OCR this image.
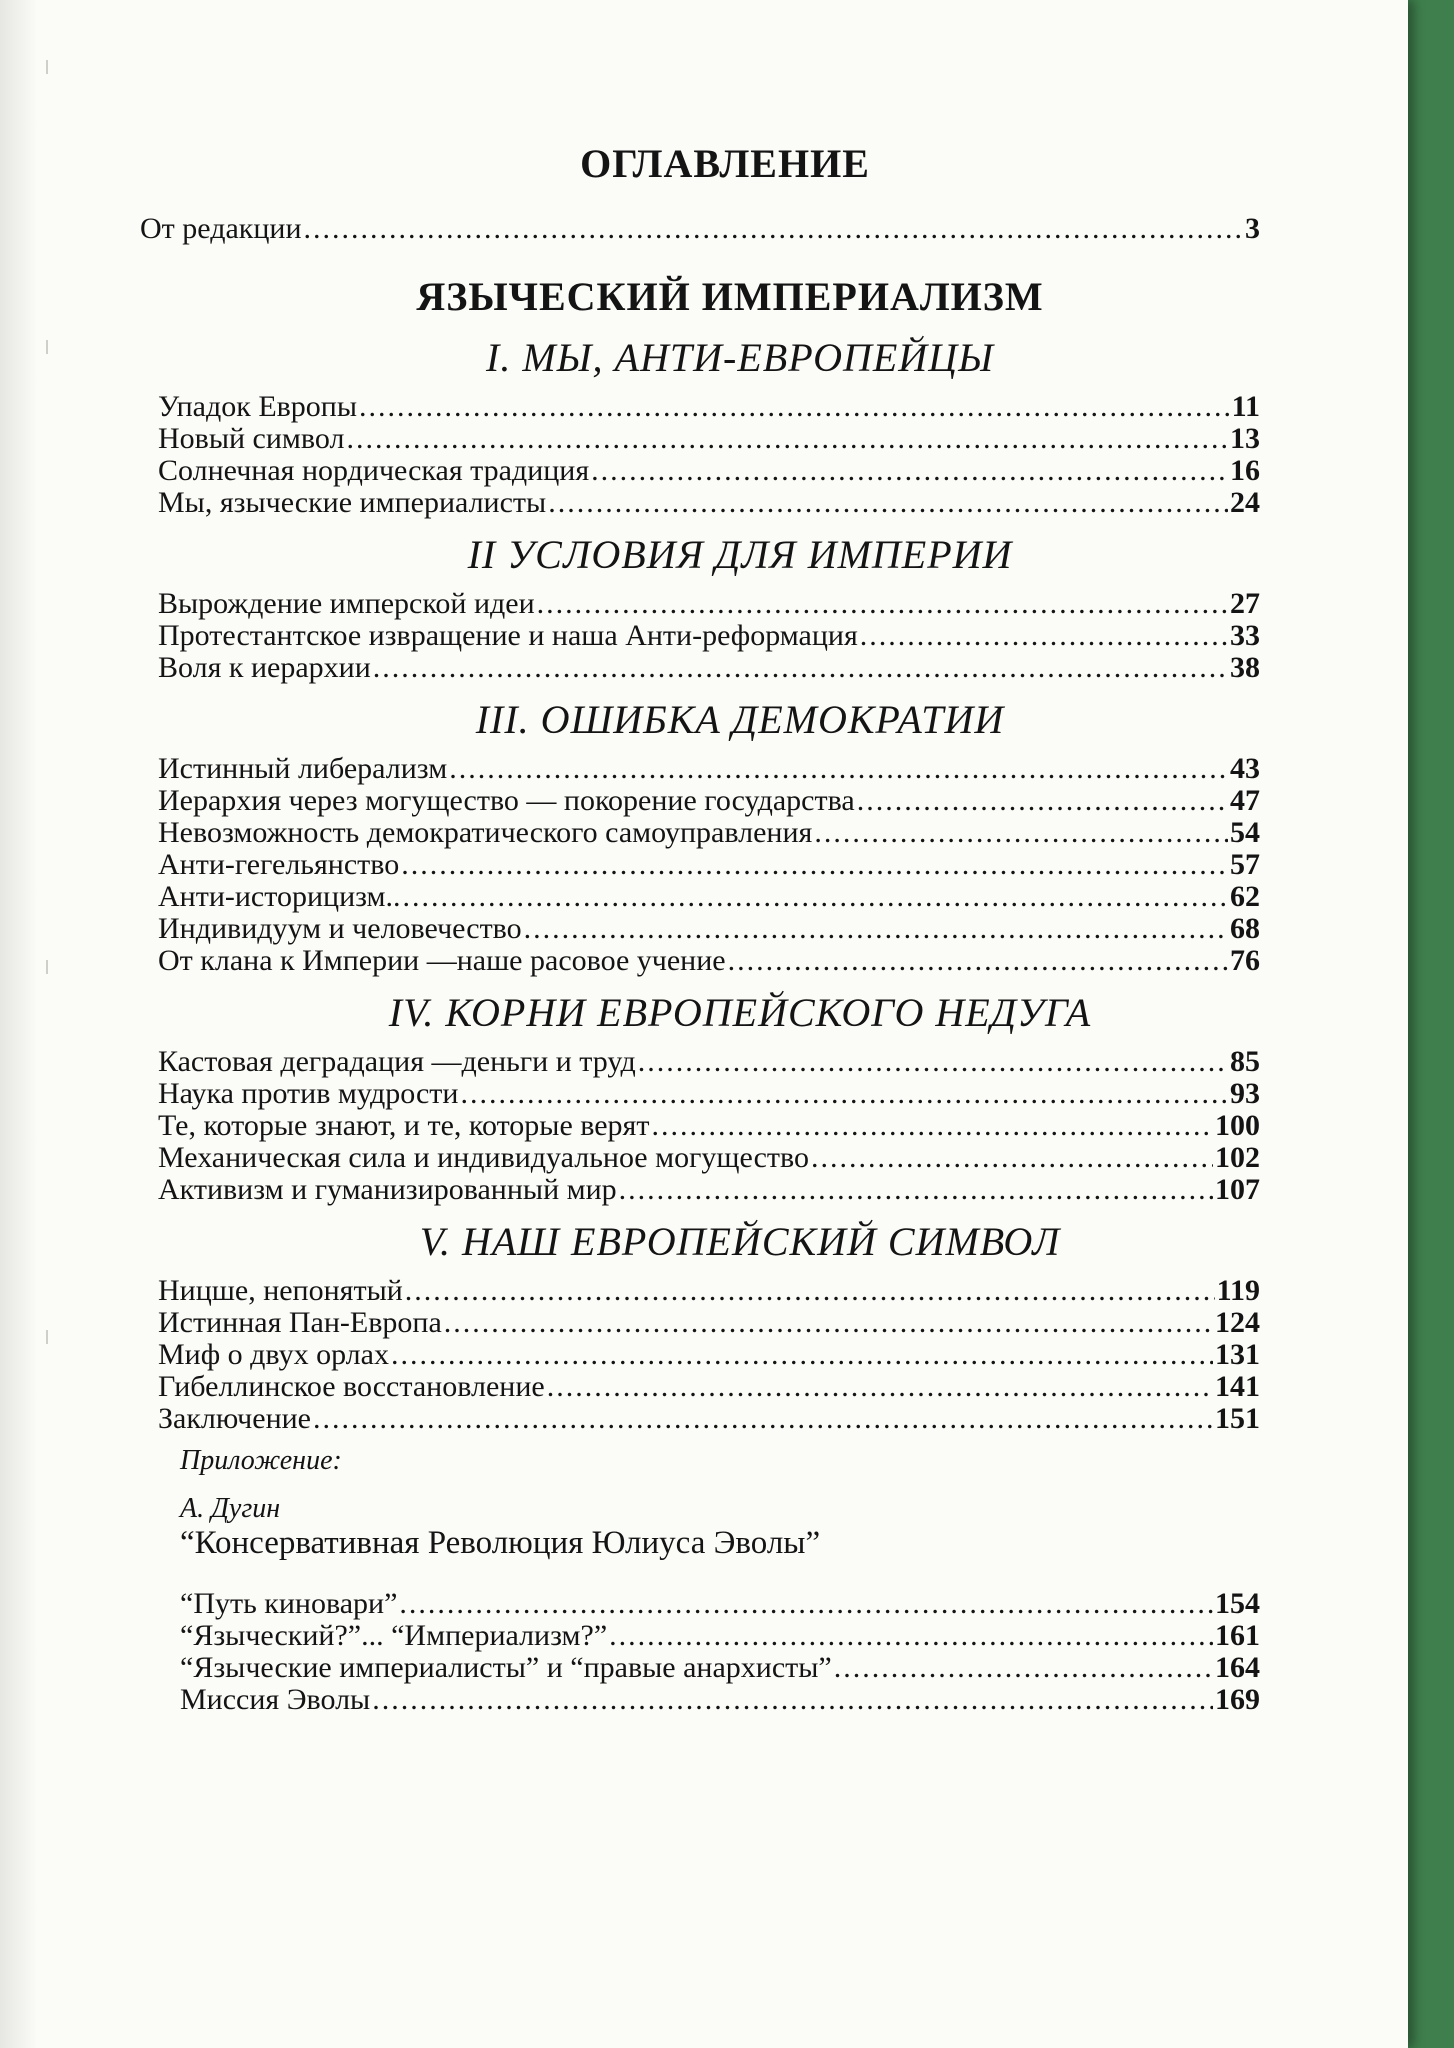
ОГЛАВЛЕНИЕ
От редакции .....	3
ЯЗЫЧЕСКИЙ ИМПЕРИАЛИЗМ
I. МЫ, АНТИ-ЕВРОПЕЙЦЫ
Упадок Европы .....	11
Новый символ .....	13
Солнечная нордическая традиция .....	16
Мы, языческие империалисты .....	24
II УСЛОВИЯ ДЛЯ ИМПЕРИИ
Вырождение имперской идеи .....	27
Протестантское извращение и наша Анти-реформация .....	33
Воля к иерархии .....	38
III. ОШИБКА ДЕМОКРАТИИ
Истинный либерализм .....	43
Иерархия через могущество — покорение государства .....	47
Невозможность демократического самоуправления .....	54
Анти-гегельянство .....	57
Анти-историцизм.. .....	62
Индивидуум и человечество .....	68
От клана к Империи —наше расовое учение .....	76
IV. КОРНИ ЕВРОПЕЙСКОГО НЕДУГА
Кастовая деградация —деньги и труд .....	85
Наука против мудрости .....	93
Те, которые знают, и те, которые верят .....	100
Механическая сила и индивидуальное могущество .....	102
Активизм и гуманизированный мир .....	107
V. НАШ ЕВРОПЕЙСКИЙ СИМВОЛ
Ницше, непонятый .....	119
Истинная Пан-Европа .....	124
Миф о двух орлах .....	131
Гибеллинское восстановление .....	141
Заключение .....	151
Приложение:
А. Дугин
“Консервативная Революция Юлиуса Эволы”
“Путь киновари” .....	154
“Языческий?”... “Империализм?” .....	161
“Языческие империалисты” и “правые анархисты” .....	164
Миссия Эволы .....	169
